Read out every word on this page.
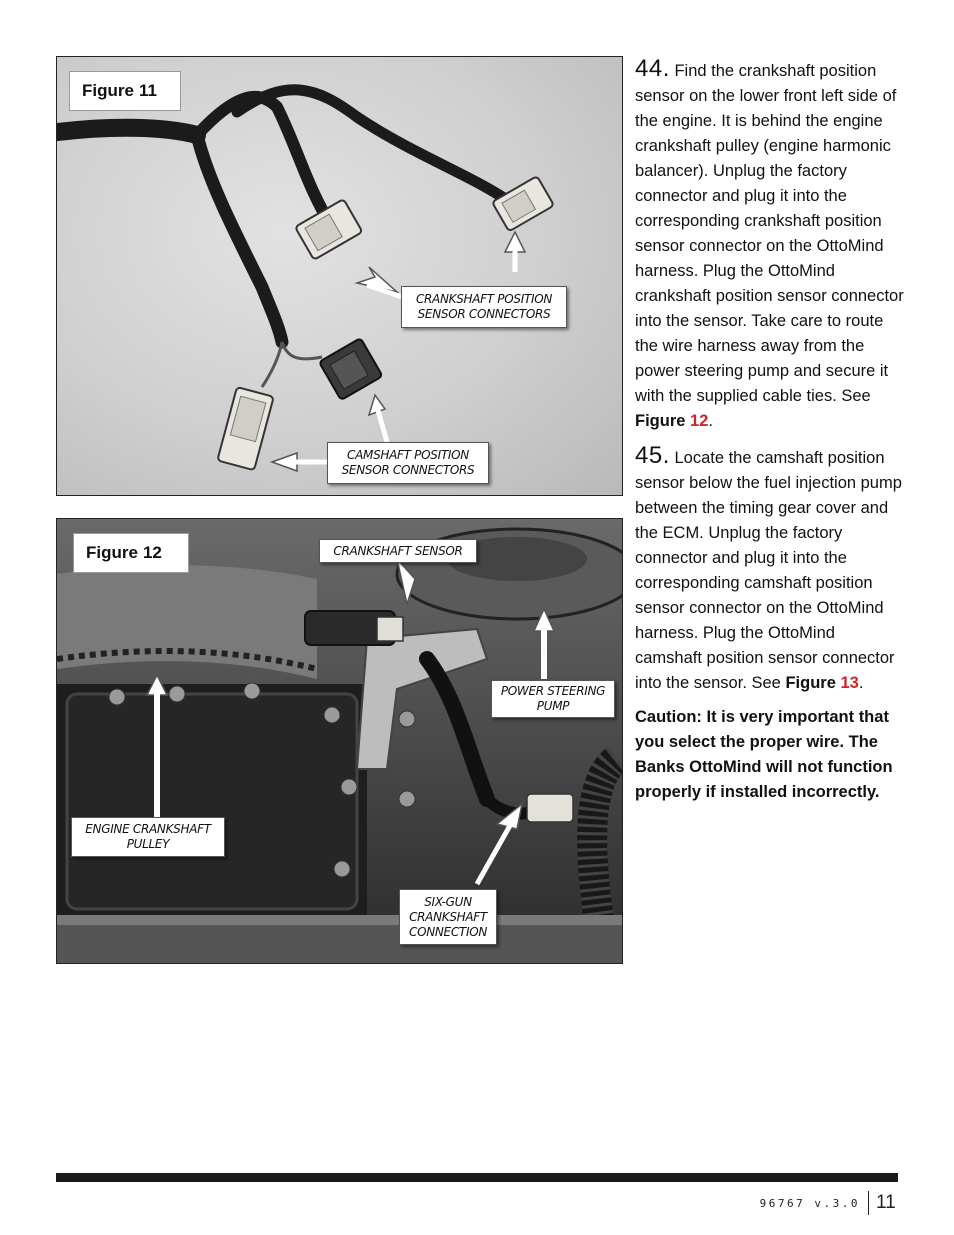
Figure 11
CRANKSHAFT POSITION
SENSOR CONNECTORS
CAMSHAFT POSITION
SENSOR CONNECTORS
Figure 12	CRANKSHAFT SENSOR
POWER STEERING
PUMP
ENGINE CRANKSHAFT
PULLEY
SIX-GUN
CRANKSHAFT
CONNECTION

44. Find the crankshaft position sensor on the lower front left side of the engine. It is behind the engine crankshaft pulley (engine harmonic balancer). Unplug the factory connector and plug it into the corresponding crankshaft position sensor connector on the OttoMind harness. Plug the OttoMind crankshaft position sensor connector into the sensor. Take care to route the wire harness away from the power steering pump and secure it with the supplied cable ties. See Figure 12.

45. Locate the camshaft position sensor below the fuel injection pump between the timing gear cover and the ECM. Unplug the factory connector and plug it into the corresponding camshaft position sensor connector on the OttoMind harness. Plug the OttoMind camshaft position sensor connector into the sensor. See Figure 13.

Caution: It is very important that you select the proper wire. The Banks OttoMind will not function properly if installed incorrectly.

96767 v.3.0 11
